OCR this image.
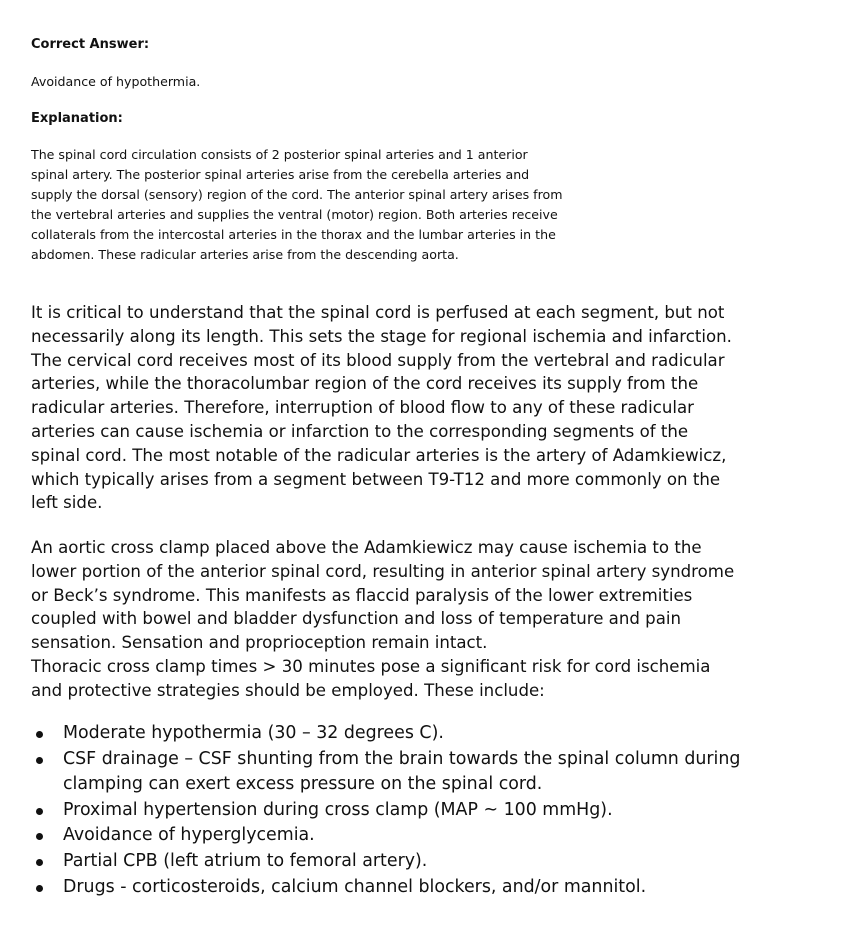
Correct Answer:
Avoidance of hypothermia.
Explanation:
The spinal cord circulation consists of 2 posterior spinal arteries and 1 anterior
spinal artery. The posterior spinal arteries arise from the cerebella arteries and
supply the dorsal (sensory) region of the cord. The anterior spinal artery arises from
the vertebral arteries and supplies the ventral (motor) region. Both arteries receive
collaterals from the intercostal arteries in the thorax and the lumbar arteries in the
abdomen. These radicular arteries arise from the descending aorta.
It is critical to understand that the spinal cord is perfused at each segment, but not
necessarily along its length. This sets the stage for regional ischemia and infarction.
The cervical cord receives most of its blood supply from the vertebral and radicular
arteries, while the thoracolumbar region of the cord receives its supply from the
radicular arteries. Therefore, interruption of blood flow to any of these radicular
arteries can cause ischemia or infarction to the corresponding segments of the
spinal cord. The most notable of the radicular arteries is the artery of Adamkiewicz,
which typically arises from a segment between T9-T12 and more commonly on the
left side.
An aortic cross clamp placed above the Adamkiewicz may cause ischemia to the
lower portion of the anterior spinal cord, resulting in anterior spinal artery syndrome
or Beck’s syndrome. This manifests as flaccid paralysis of the lower extremities
coupled with bowel and bladder dysfunction and loss of temperature and pain
sensation. Sensation and proprioception remain intact.
Thoracic cross clamp times > 30 minutes pose a significant risk for cord ischemia
and protective strategies should be employed. These include:
Moderate hypothermia (30 – 32 degrees C).
CSF drainage – CSF shunting from the brain towards the spinal column during
clamping can exert excess pressure on the spinal cord.
Proximal hypertension during cross clamp (MAP ~ 100 mmHg).
Avoidance of hyperglycemia.
Partial CPB (left atrium to femoral artery).
Drugs - corticosteroids, calcium channel blockers, and/or mannitol.
